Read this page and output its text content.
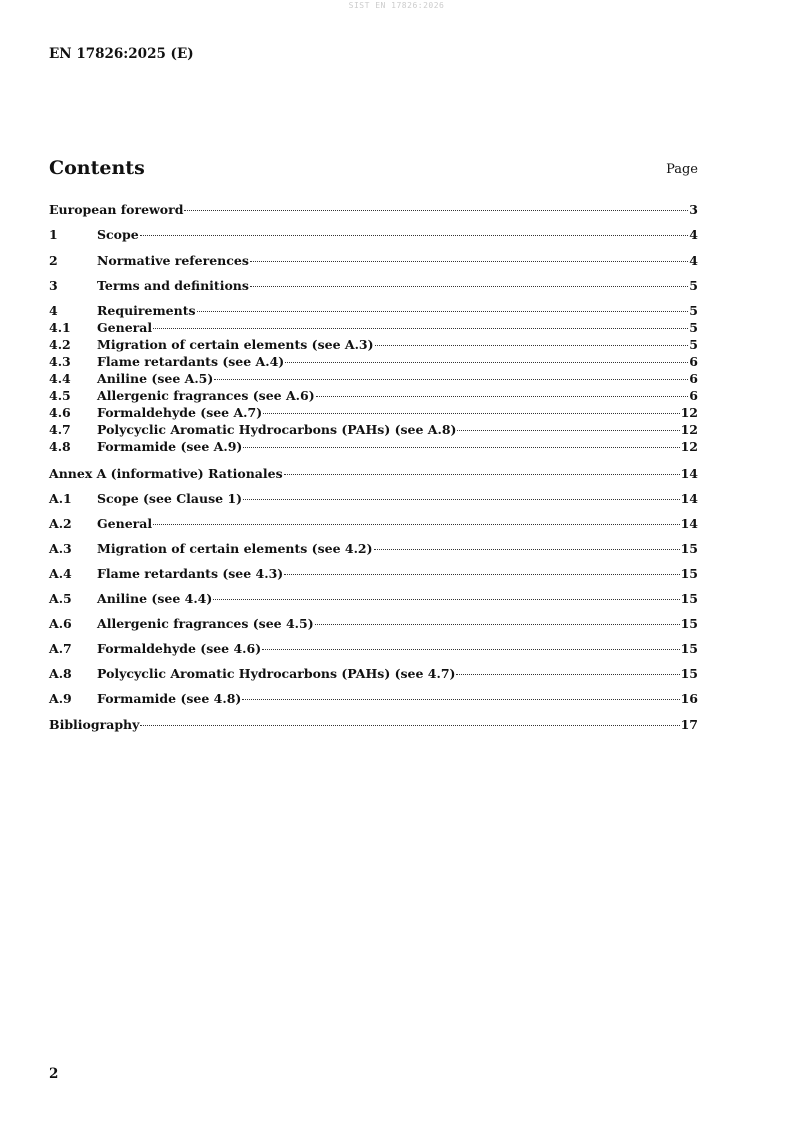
SIST EN 17826:2026
EN 17826:2025 (E)
Contents	Page
European foreword	3
1	Scope	4
2	Normative references	4
3	Terms and definitions	5
4	Requirements	5
4.1	General	5
4.2	Migration of certain elements (see A.3)	5
4.3	Flame retardants (see A.4)	6
4.4	Aniline (see A.5)	6
4.5	Allergenic fragrances (see A.6)	6
4.6	Formaldehyde (see A.7)	12
4.7	Polycyclic Aromatic Hydrocarbons (PAHs) (see A.8)	12
4.8	Formamide (see A.9)	12
Annex A (informative) Rationales	14
A.1	Scope (see Clause 1)	14
A.2	General	14
A.3	Migration of certain elements (see 4.2)	15
A.4	Flame retardants (see 4.3)	15
A.5	Aniline (see 4.4)	15
A.6	Allergenic fragrances (see 4.5)	15
A.7	Formaldehyde (see 4.6)	15
A.8	Polycyclic Aromatic Hydrocarbons (PAHs) (see 4.7)	15
A.9	Formamide (see 4.8)	16
Bibliography	17
2
